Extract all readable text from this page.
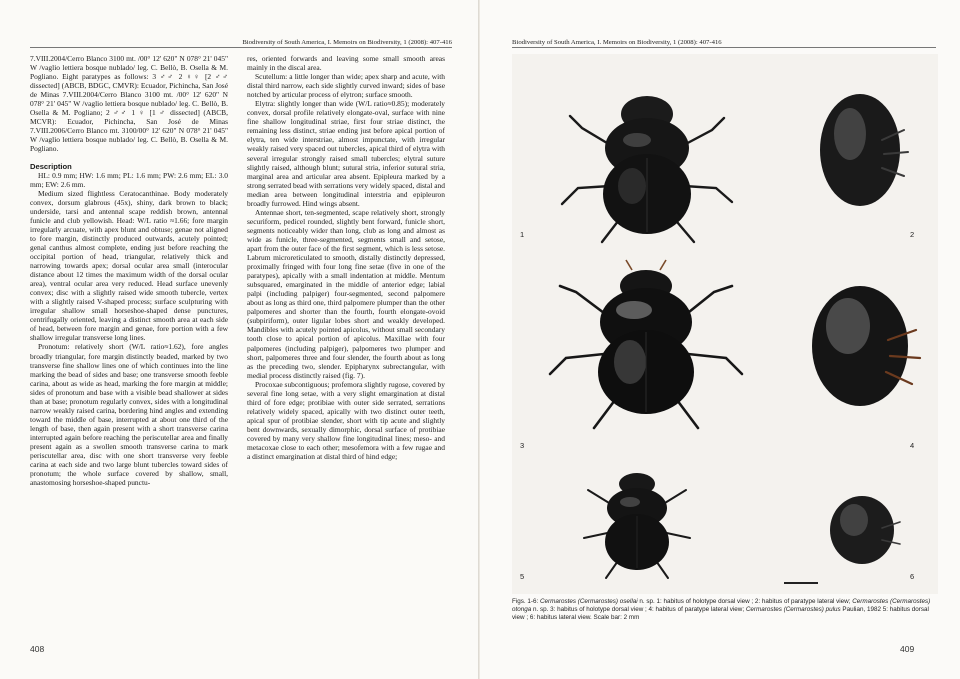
Biodiversity of South America, I. Memoirs on Biodiversity, 1 (2008): 407-416

7.VIII.2004/Cerro Blanco 3100 mt. /00° 12' 620" N 078° 21' 045" W /vaglio lettiera bosque nublado/ leg. C. Bellò, B. Osella & M. Pogliano. Eight paratypes as follows: 3 ♂♂ 2 ♀♀ [2 ♂♂ dissected] (ABCB, BDGC, CMVR): Ecuador, Pichincha, San José de Minas 7.VIII.2004/Cerro Blanco 3100 mt. /00° 12' 620" N 078° 21' 045" W /vaglio lettiera bosque nublado/ leg. C. Bellò, B. Osella & M. Pogliano; 2 ♂♂ 1 ♀ [1 ♂ dissected] (ABCB, MCVR): Ecuador, Pichincha, San José de Minas 7.VIII.2006/Cerro Blanco mt. 3100/00° 12' 620" N 078° 21' 045" W /vaglio lettiera bosque nublado/ leg. C. Bellò, B. Osella & M. Pogliano.

Description

HL: 0.9 mm; HW: 1.6 mm; PL: 1.6 mm; PW: 2.6 mm; EL: 3.0 mm; EW: 2.6 mm.

Medium sized flightless Ceratocanthinae. Body moderately convex, dorsum glabrous (45x), shiny, dark brown to black; underside, tarsi and antennal scape reddish brown, antennal funicle and club yellowish. Head: W/L ratio ≈1.66; fore margin irregularly arcuate, with apex blunt and obtuse; genae not aligned to fore margin, distinctly produced outwards, acutely pointed; genal canthus almost complete, ending just before reaching the occipital portion of head, triangular, relatively thick and narrowing towards apex; dorsal ocular area small (interocular distance about 12 times the maximum width of the dorsal ocular area), ventral ocular area very reduced. Head surface unevenly convex; disc with a slightly raised wide smooth tubercle, vertex with a slightly raised V-shaped process; surface sculpturing with irregular shallow small horseshoe-shaped dense punctures, centrifugally oriented, leaving a distinct smooth area at each side of head, between fore margin and genae, fore portion with a few shallow irregular transverse long lines.

Pronotum: relatively short (W/L ratio≈1.62), fore angles broadly triangular, fore margin distinctly beaded, marked by two transverse fine shallow lines one of which continues into the line marking the bead of sides and base; one transverse smooth feeble carina, about as wide as head, marking the fore margin at middle; sides of pronotum and base with a visible bead shallower at sides than at base; pronotum regularly convex, sides with a longitudinal narrow weakly raised carina, bordering hind angles and extending toward the middle of base, interrupted at about one third of the length of base, then again present with a short transverse carina interrupted again before reaching the periscutellar area and finally present again as a swollen smooth transverse carina to mark periscutellar area, disc with one short transverse very feeble carina at each side and two large blunt tubercles toward sides of pronotum; the whole surface covered by shallow, small, anastomosing horseshoe-shaped punctu-

res, oriented forwards and leaving some small smooth areas mainly in the discal area.

Scutellum: a little longer than wide; apex sharp and acute, with distal third narrow, each side slightly curved inward; sides of base notched by articular process of elytron; surface smooth.

Elytra: slightly longer than wide (W/L ratio≈0.85); moderately convex, dorsal profile relatively elongate-oval, surface with nine fine shallow longitudinal striae, first four striae distinct, the remaining less distinct, striae ending just before apical portion of elytra, ten wide interstriae, almost impunctate, with irregular weakly raised very spaced out tubercles, apical third of elytra with several irregular strongly raised small tubercles; elytral suture slightly raised, although blunt; sutural stria, inferior sutural stria, marginal area and articular area absent. Epipleura marked by a strong serrated bead with serrations very widely spaced, distal and median area between longitudinal interstria and epipleuron broadly furrowed. Hind wings absent.

Antennae short, ten-segmented, scape relatively short, strongly securiform, pedicel rounded, slightly bent forward, funicle short, segments noticeably wider than long, club as long and almost as wide as funicle, three-segmented, segments small and setose, apart from the outer face of the first segment, which is less setose. Labrum microreticulated to smooth, distally distinctly depressed, proximally fringed with four long fine setae (five in one of the paratypes), apically with a small indentation at middle. Mentum subsquared, emarginated in the middle of anterior edge; labial palpi (including palpiger) four-segmented, second palpomere about as long as third one, third palpomere plumper than the other palpomeres and shorter than the fourth, fourth elongate-ovoid (subpiriform), outer ligular lobes short and weakly developed. Mandibles with acutely pointed apicolus, without small secondary tooth close to apical portion of apicolus. Maxillae with four palpomeres (including palpiger), palpomeres two plumper and short, palpomeres three and four slender, the fourth about as long as the preceding two, slender. Epipharynx subrectangular, with medial process distinctly raised (fig. 7).

Procoxae subcontiguous; profemora slightly rugose, covered by several fine long setae, with a very slight emargination at distal third of fore edge; protibiae with outer side serrated, serrations relatively widely spaced, apically with two distinct outer teeth, apical spur of protibiae slender, short with tip acute and slightly bent downwards, sexually dimorphic, dorsal surface of protibiae covered by many very shallow fine longitudinal lines; meso- and metacoxae close to each other; mesofemora with a few rugae and a distinct emargination at distal third of hind edge;

408
Biodiversity of South America, I. Memoirs on Biodiversity, 1 (2008): 407-416
1	2
3	4
5	6
Figs. 1-6: Cermarostes (Cermarostes) osellai n. sp. 1: habitus of holotype dorsal view ; 2: habitus of paratype lateral view; Cermarostes (Cermarostes) otonga n. sp. 3: habitus of holotype dorsal view ; 4: habitus of paratype lateral view; Cermarostes (Cermarostes) pulus Paulian, 1982 5: habitus dorsal view ; 6: habitus lateral view. Scale bar: 2 mm
409
